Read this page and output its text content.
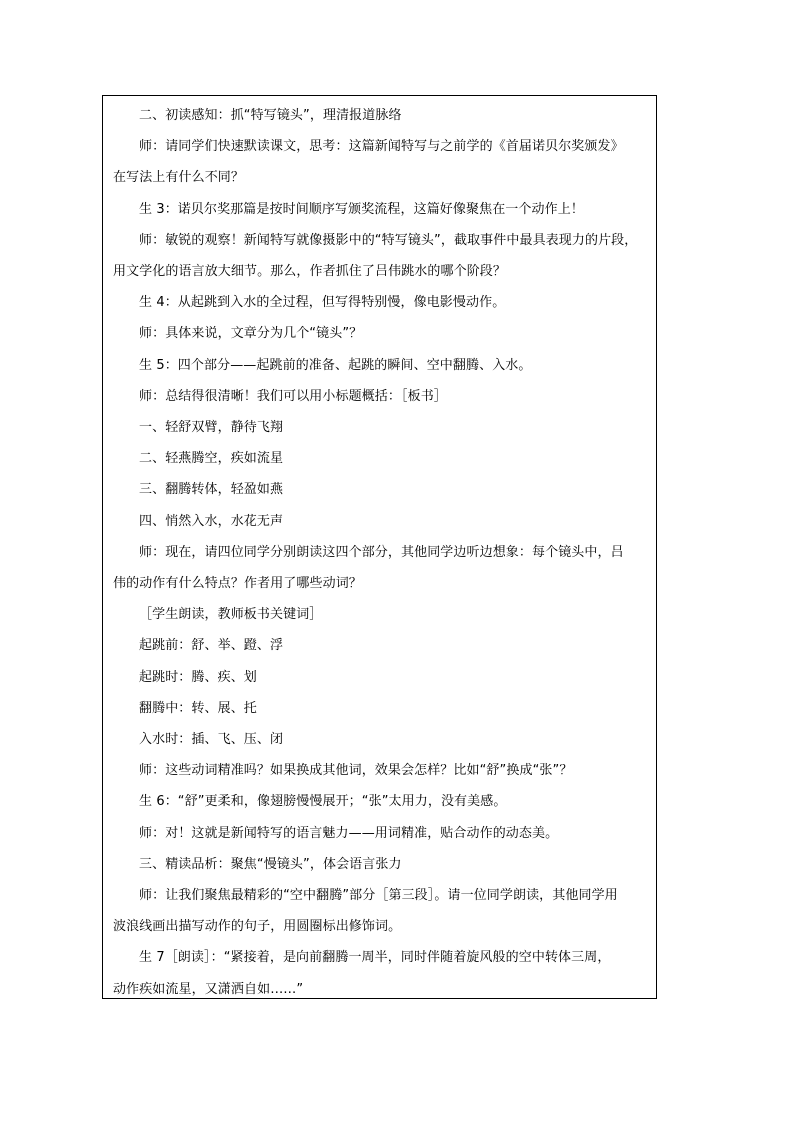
二、初读感知：抓“特写镜头”，理清报道脉络

师：请同学们快速默读课文，思考：这篇新闻特写与之前学的《首届诺贝尔奖颁发》

在写法上有什么不同？

生 3：诺贝尔奖那篇是按时间顺序写颁奖流程，这篇好像聚焦在一个动作上！

师：敏锐的观察！新闻特写就像摄影中的“特写镜头”，截取事件中最具表现力的片段，

用文学化的语言放大细节。那么，作者抓住了吕伟跳水的哪个阶段？

生 4：从起跳到入水的全过程，但写得特别慢，像电影慢动作。

师：具体来说，文章分为几个“镜头”？

生 5：四个部分——起跳前的准备、起跳的瞬间、空中翻腾、入水。

师：总结得很清晰！我们可以用小标题概括：［板书］

一、轻舒双臂，静待飞翔

二、轻燕腾空，疾如流星

三、翻腾转体，轻盈如燕

四、悄然入水，水花无声

师：现在，请四位同学分别朗读这四个部分，其他同学边听边想象：每个镜头中，吕

伟的动作有什么特点？作者用了哪些动词？

［学生朗读，教师板书关键词］

起跳前：舒、举、蹬、浮

起跳时：腾、疾、划

翻腾中：转、展、托

入水时：插、飞、压、闭

师：这些动词精准吗？如果换成其他词，效果会怎样？比如“舒”换成“张”？

生 6：“舒”更柔和，像翅膀慢慢展开；“张”太用力，没有美感。

师：对！这就是新闻特写的语言魅力——用词精准，贴合动作的动态美。

三、精读品析：聚焦“慢镜头”，体会语言张力

师：让我们聚焦最精彩的“空中翻腾”部分［第三段］。请一位同学朗读，其他同学用

波浪线画出描写动作的句子，用圆圈标出修饰词。

生 7［朗读］：“紧接着，是向前翻腾一周半，同时伴随着旋风般的空中转体三周，

动作疾如流星，又潇洒自如……”
